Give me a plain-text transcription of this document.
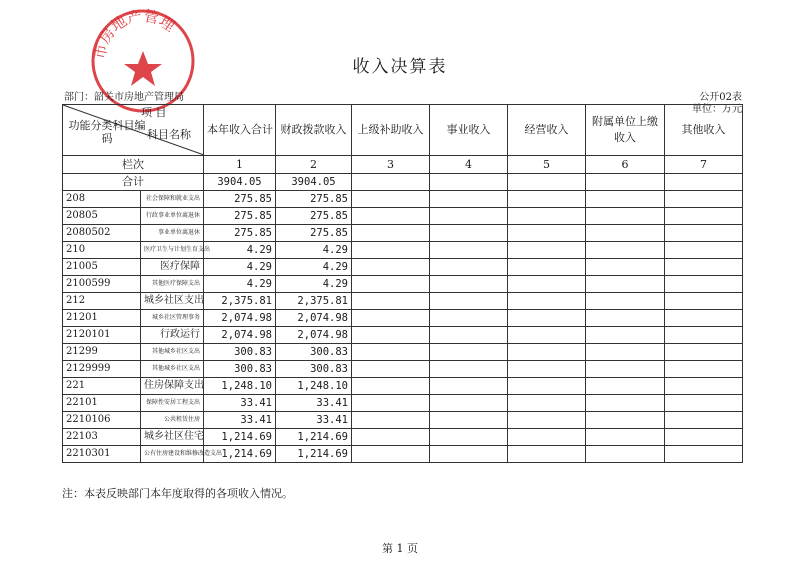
市房地产管理
收入决算表
部门：韶关市房地产管理局	公开02表
单位：万元
项 目
功能分类科目编码 科目名称		本年收入合计	财政拨款收入	上级补助收入	事业收入	经营收入	附属单位上缴收入	其他收入
栏次		1	2	3	4	5	6	7
合计		3904.05	3904.05					
208	社会保障和就业支出	275.85	275.85					
20805	行政事业单位离退休	275.85	275.85					
2080502	事业单位离退休	275.85	275.85					
210	医疗卫生与计划生育支出	4.29	4.29					
21005	医疗保障	4.29	4.29					
2100599	其他医疗保障支出	4.29	4.29					
212	城乡社区支出	2,375.81	2,375.81					
21201	城乡社区管理事务	2,074.98	2,074.98					
2120101	行政运行	2,074.98	2,074.98					
21299	其他城乡社区支出	300.83	300.83					
2129999	其他城乡社区支出	300.83	300.83					
221	住房保障支出	1,248.10	1,248.10					
22101	保障性安居工程支出	33.41	33.41					
2210106	公共租赁住房	33.41	33.41					
22103	城乡社区住宅	1,214.69	1,214.69					
2210301	公有住房建设和维修改造支出	1,214.69	1,214.69					
注：本表反映部门本年度取得的各项收入情况。
第 1 页
